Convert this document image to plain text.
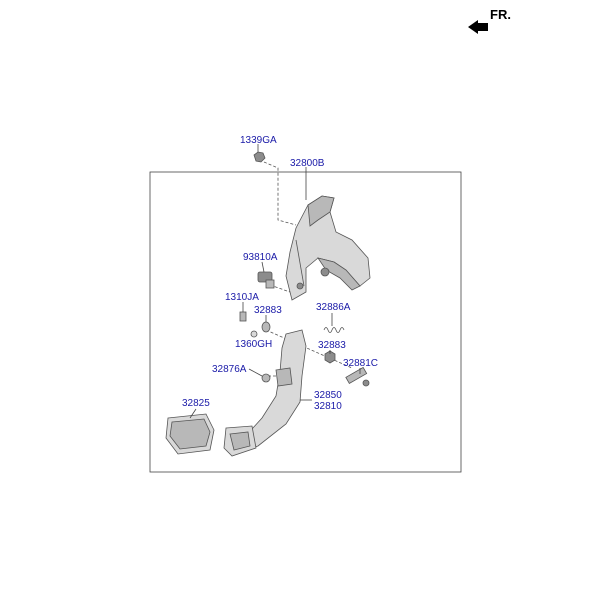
FR.
1339GA
32800B
93810A
1310JA
32883	32886A
1360GH	32883
32881C
32876A
32850
32810
32825
